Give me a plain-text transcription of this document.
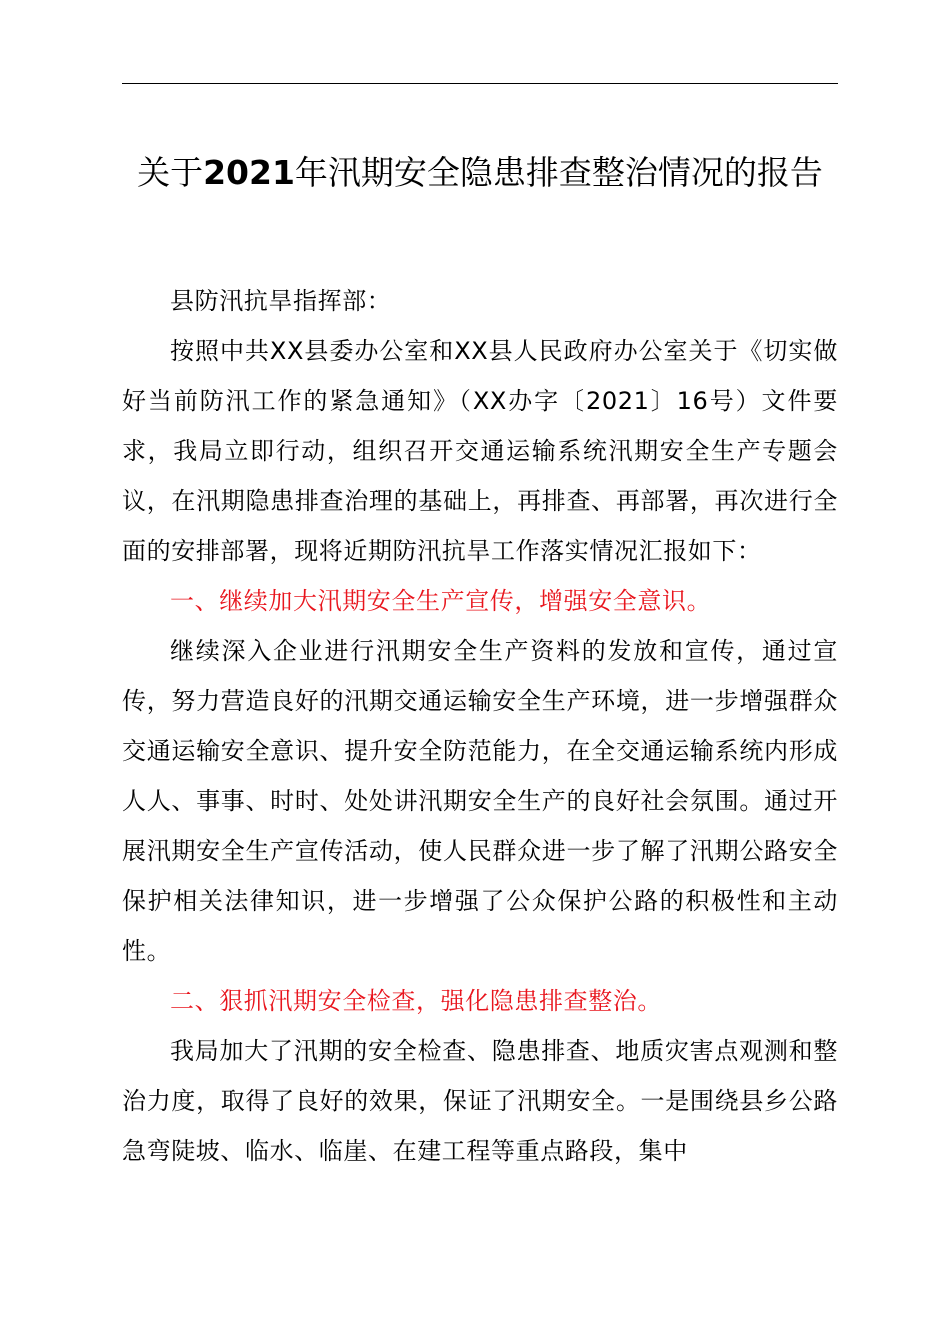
关于2021年汛期安全隐患排查整治情况的报告

县防汛抗旱指挥部：

按照中共XX县委办公室和XX县人民政府办公室关于《切实做好当前防汛工作的紧急通知》（XX办字〔2021〕16号）文件要求，我局立即行动，组织召开交通运输系统汛期安全生产专题会议，在汛期隐患排查治理的基础上，再排查、再部署，再次进行全面的安排部署，现将近期防汛抗旱工作落实情况汇报如下：

一、继续加大汛期安全生产宣传，增强安全意识。

继续深入企业进行汛期安全生产资料的发放和宣传，通过宣传，努力营造良好的汛期交通运输安全生产环境，进一步增强群众交通运输安全意识、提升安全防范能力，在全交通运输系统内形成人人、事事、时时、处处讲汛期安全生产的良好社会氛围。通过开展汛期安全生产宣传活动，使人民群众进一步了解了汛期公路安全保护相关法律知识，进一步增强了公众保护公路的积极性和主动性。

二、狠抓汛期安全检查，强化隐患排查整治。

我局加大了汛期的安全检查、隐患排查、地质灾害点观测和整治力度，取得了良好的效果，保证了汛期安全。一是围绕县乡公路急弯陡坡、临水、临崖、在建工程等重点路段，集中
